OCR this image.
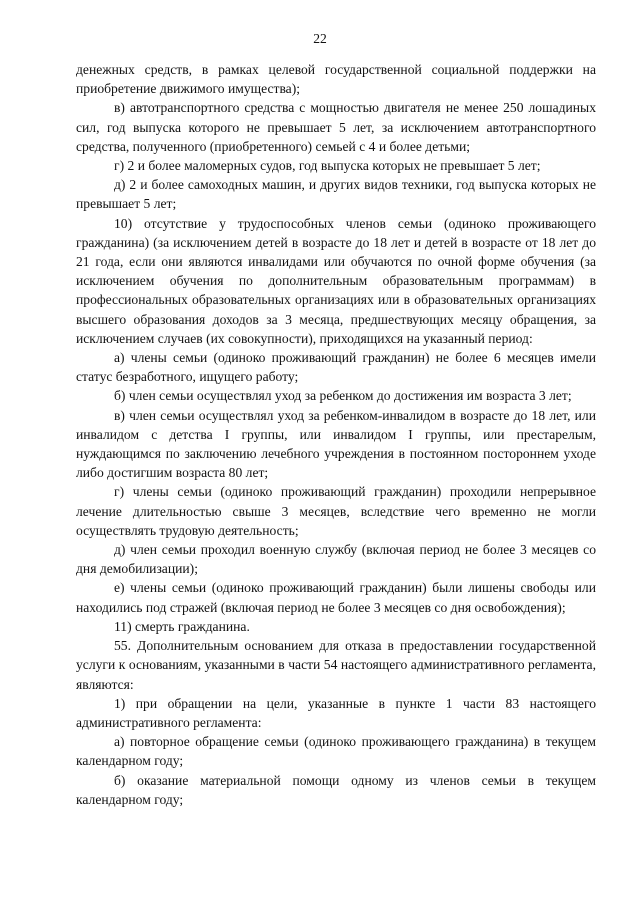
22

денежных средств, в рамках целевой государственной социальной поддержки на приобретение движимого имущества);

в) автотранспортного средства с мощностью двигателя не менее 250 лошадиных сил, год выпуска которого не превышает 5 лет, за исключением автотранспортного средства, полученного (приобретенного) семьей с 4 и более детьми;

г) 2 и более маломерных судов, год выпуска которых не превышает 5 лет;

д) 2 и более самоходных машин, и других видов техники, год выпуска которых не превышает 5 лет;

10) отсутствие у трудоспособных членов семьи (одиноко проживающего гражданина) (за исключением детей в возрасте до 18 лет и детей в возрасте от 18 лет до 21 года, если они являются инвалидами или обучаются по очной форме обучения (за исключением обучения по дополнительным образовательным программам) в профессиональных образовательных организациях или в образовательных организациях высшего образования доходов за 3 месяца, предшествующих месяцу обращения, за исключением случаев (их совокупности), приходящихся на указанный период:

а) члены семьи (одиноко проживающий гражданин) не более 6 месяцев имели статус безработного, ищущего работу;

б) член семьи осуществлял уход за ребенком до достижения им возраста 3 лет;

в) член семьи осуществлял уход за ребенком-инвалидом в возрасте до 18 лет, или инвалидом с детства I группы, или инвалидом I группы, или престарелым, нуждающимся по заключению лечебного учреждения в постоянном постороннем уходе либо достигшим возраста 80 лет;

г) члены семьи (одиноко проживающий гражданин) проходили непрерывное лечение длительностью свыше 3 месяцев, вследствие чего временно не могли осуществлять трудовую деятельность;

д) член семьи проходил военную службу (включая период не более 3 месяцев со дня демобилизации);

е) члены семьи (одиноко проживающий гражданин) были лишены свободы или находились под стражей (включая период не более 3 месяцев со дня освобождения);

11) смерть гражданина.

55. Дополнительным основанием для отказа в предоставлении государственной услуги к основаниям, указанными в части 54 настоящего административного регламента, являются:

1) при обращении на цели, указанные в пункте 1 части 83 настоящего административного регламента:

а) повторное обращение семьи (одиноко проживающего гражданина) в текущем календарном году;

б) оказание материальной помощи одному из членов семьи в текущем календарном году;
